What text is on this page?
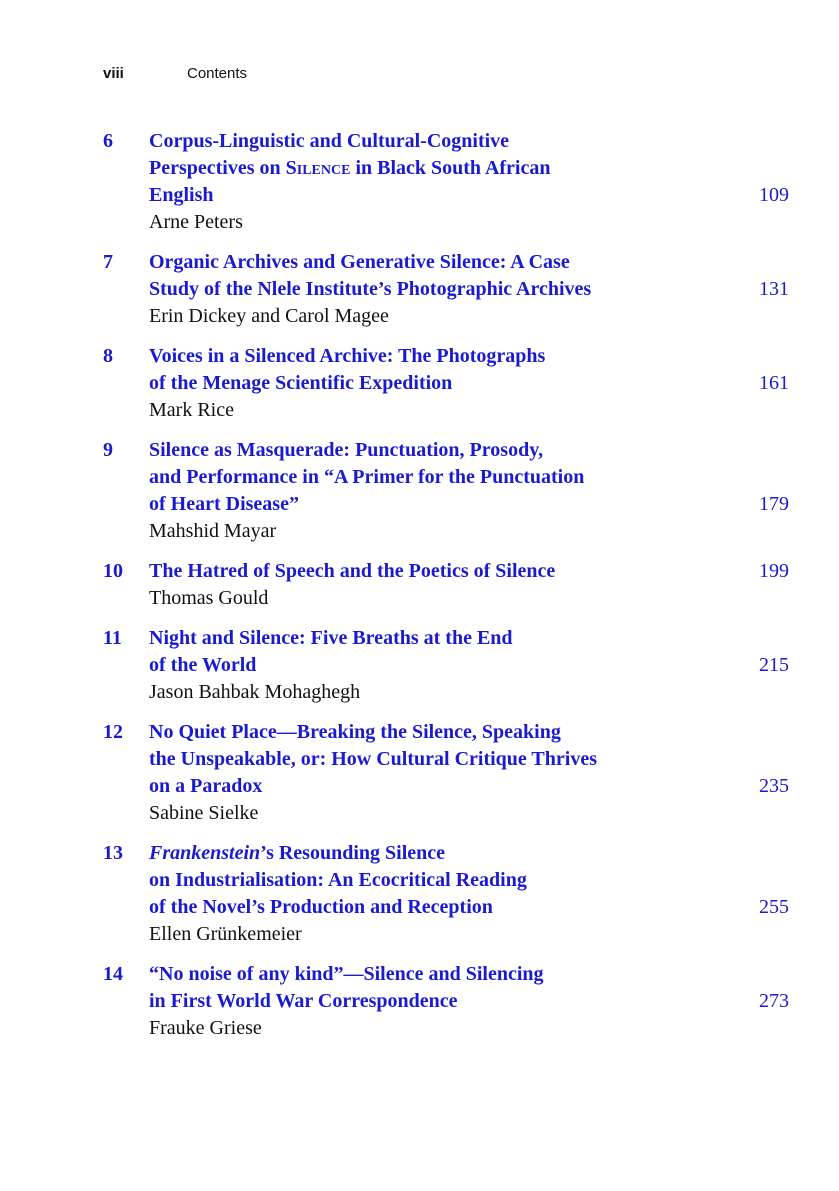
viii	Contents
6 Corpus-Linguistic and Cultural-Cognitive
Perspectives on Silence in Black South African
English	109
Arne Peters
7 Organic Archives and Generative Silence: A Case
Study of the Nlele Institute’s Photographic Archives	131
Erin Dickey and Carol Magee
8 Voices in a Silenced Archive: The Photographs
of the Menage Scientific Expedition	161
Mark Rice
9 Silence as Masquerade: Punctuation, Prosody,
and Performance in “A Primer for the Punctuation
of Heart Disease”	179
Mahshid Mayar
10 The Hatred of Speech and the Poetics of Silence	199
Thomas Gould
11 Night and Silence: Five Breaths at the End
of the World	215
Jason Bahbak Mohaghegh
12 No Quiet Place—Breaking the Silence, Speaking
the Unspeakable, or: How Cultural Critique Thrives
on a Paradox	235
Sabine Sielke
13 Frankenstein’s Resounding Silence
on Industrialisation: An Ecocritical Reading
of the Novel’s Production and Reception	255
Ellen Grünkemeier
14 “No noise of any kind”—Silence and Silencing
in First World War Correspondence	273
Frauke Griese
